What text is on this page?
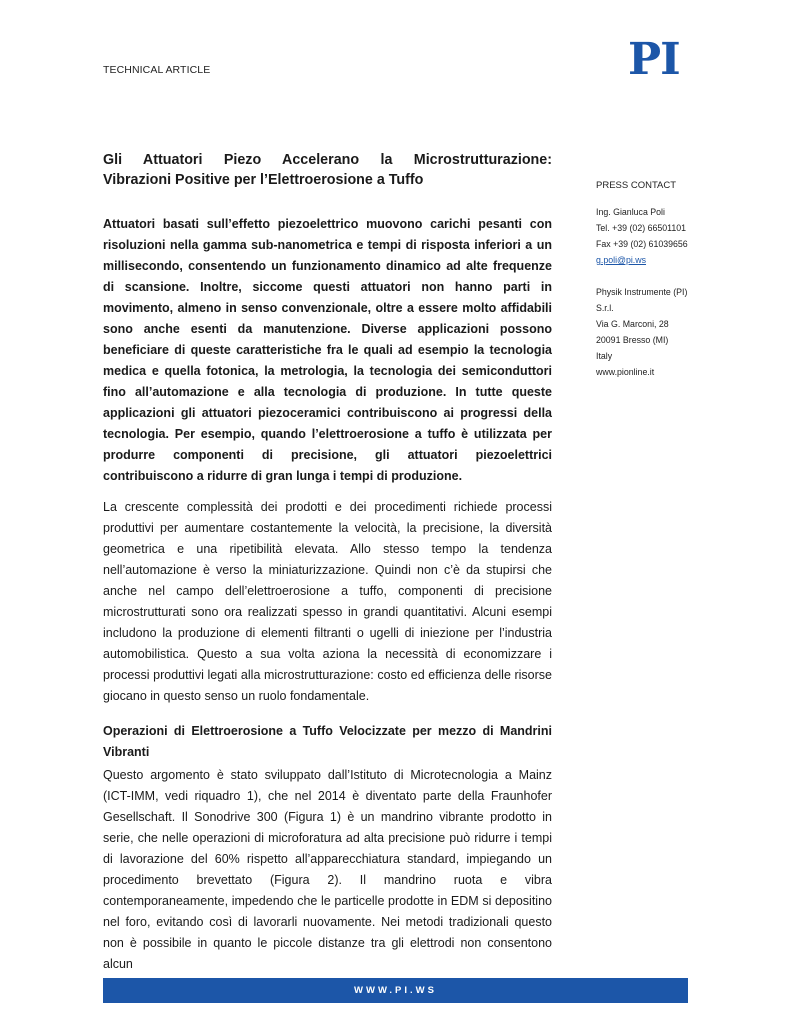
TECHNICAL ARTICLE	PI
Gli Attuatori Piezo Accelerano la Microstrutturazione:
Vibrazioni Positive per l’Elettroerosione a Tuffo

Attuatori basati sull’effetto piezoelettrico muovono carichi pesanti con risoluzioni nella gamma sub-nanometrica e tempi di risposta inferiori a un millisecondo, consentendo un funzionamento dinamico ad alte frequenze di scansione. Inoltre, siccome questi attuatori non hanno parti in movimento, almeno in senso convenzionale, oltre a essere molto affidabili sono anche esenti da manutenzione. Diverse applicazioni possono beneficiare di queste caratteristiche fra le quali ad esempio la tecnologia medica e quella fotonica, la metrologia, la tecnologia dei semiconduttori fino all’automazione e alla tecnologia di produzione. In tutte queste applicazioni gli attuatori piezoceramici contribuiscono ai progressi della tecnologia. Per esempio, quando l’elettroerosione a tuffo è utilizzata per produrre componenti di precisione, gli attuatori piezoelettrici contribuiscono a ridurre di gran lunga i tempi di produzione.

La crescente complessità dei prodotti e dei procedimenti richiede processi produttivi per aumentare costantemente la velocità, la precisione, la diversità geometrica e una ripetibilità elevata. Allo stesso tempo la tendenza nell’automazione è verso la miniaturizzazione. Quindi non c’è da stupirsi che anche nel campo dell’elettroerosione a tuffo, componenti di precisione microstrutturati sono ora realizzati spesso in grandi quantitativi. Alcuni esempi includono la produzione di elementi filtranti o ugelli di iniezione per l’industria automobilistica. Questo a sua volta aziona la necessità di economizzare i processi produttivi legati alla microstrutturazione: costo ed efficienza delle risorse giocano in questo senso un ruolo fondamentale.

Operazioni di Elettroerosione a Tuffo Velocizzate per mezzo di Mandrini Vibranti

Questo argomento è stato sviluppato dall’Istituto di Microtecnologia a Mainz (ICT-IMM, vedi riquadro 1), che nel 2014 è diventato parte della Fraunhofer Gesellschaft. Il Sonodrive 300 (Figura 1) è un mandrino vibrante prodotto in serie, che nelle operazioni di microforatura ad alta precisione può ridurre i tempi di lavorazione del 60% rispetto all’apparecchiatura standard, impiegando un procedimento brevettato (Figura 2). Il mandrino ruota e vibra contemporaneamente, impedendo che le particelle prodotte in EDM si depositino nel foro, evitando così di lavorarli nuovamente. Nei metodi tradizionali questo non è possibile in quanto le piccole distanze tra gli elettrodi non consentono alcun

PRESS CONTACT
Ing. Gianluca Poli
Tel. +39 (02) 66501101
Fax +39 (02) 61039656
g.poli@pi.ws
Physik Instrumente (PI)
S.r.l.
Via G. Marconi, 28
20091 Bresso (MI)
Italy
www.pionline.it
WWW.PI.WS
